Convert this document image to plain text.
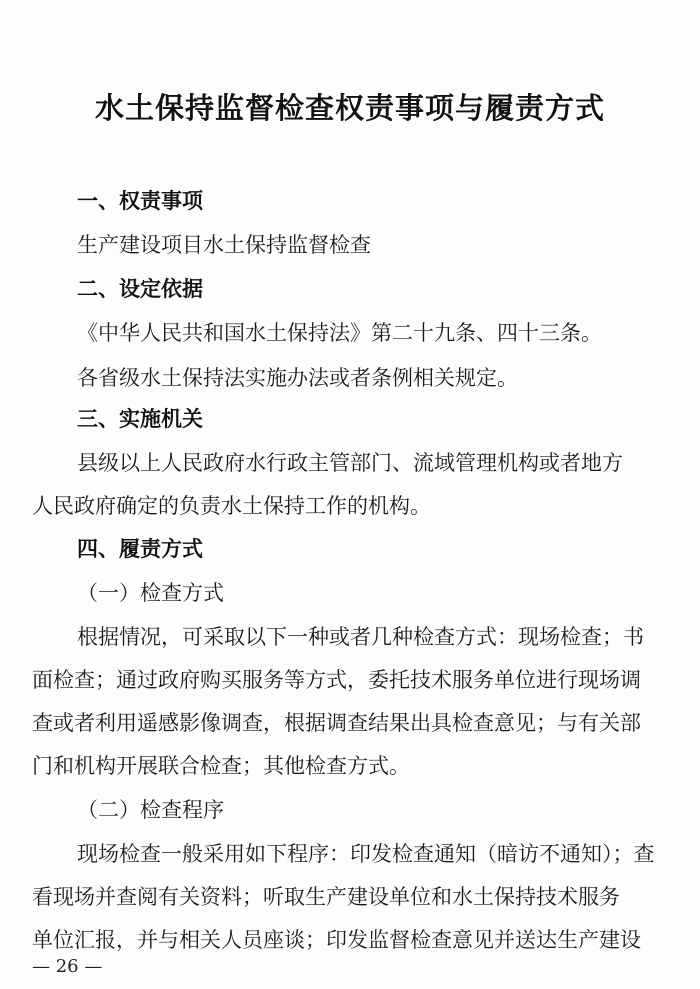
水土保持监督检查权责事项与履责方式
一、权责事项
生产建设项目水土保持监督检查
二、设定依据
《中华人民共和国水土保持法》第二十九条、四十三条。
各省级水土保持法实施办法或者条例相关规定。
三、实施机关
县级以上人民政府水行政主管部门、流域管理机构或者地方
人民政府确定的负责水土保持工作的机构。
四、履责方式
（一）检查方式
根据情况，可采取以下一种或者几种检查方式：现场检查；书
面检查；通过政府购买服务等方式，委托技术服务单位进行现场调
查或者利用遥感影像调查，根据调查结果出具检查意见；与有关部
门和机构开展联合检查；其他检查方式。
（二）检查程序
现场检查一般采用如下程序：印发检查通知（暗访不通知）；查
看现场并查阅有关资料；听取生产建设单位和水土保持技术服务
单位汇报，并与相关人员座谈；印发监督检查意见并送达生产建设
— 26 —
